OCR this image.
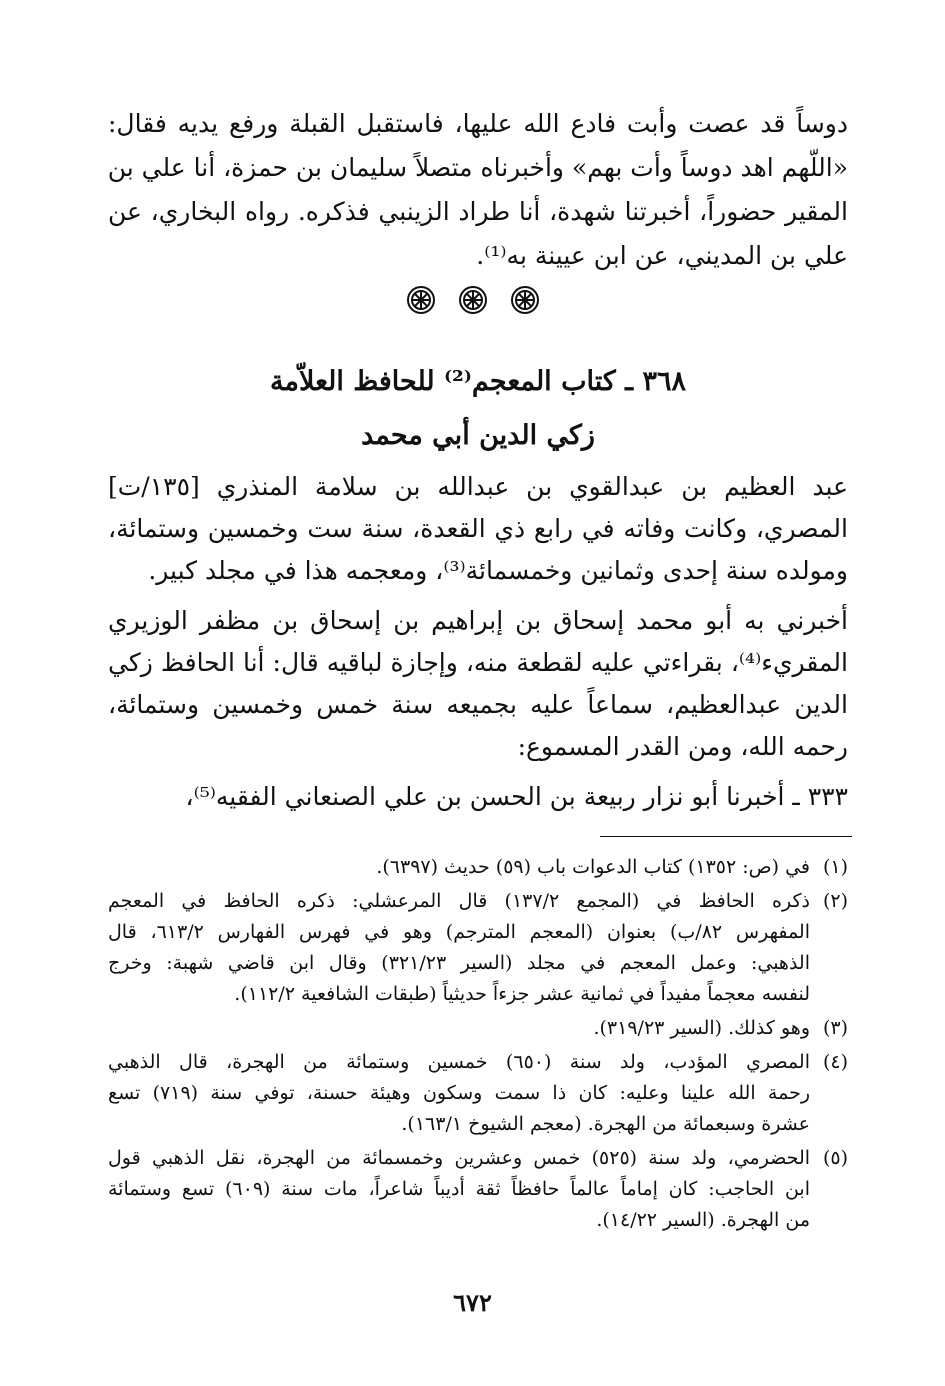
دوساً قد عصت وأبت فادع الله عليها، فاستقبل القبلة ورفع يديه فقال:
«اللّهم اهد دوساً وأت بهم» وأخبرناه متصلاً سليمان بن حمزة، أنا علي بن
المقير حضوراً، أخبرتنا شهدة، أنا طراد الزينبي فذكره. رواه البخاري، عن
علي بن المديني، عن ابن عيينة به⁽¹⁾.
٣٦٨ ـ كتاب المعجم⁽²⁾ للحافظ العلاّمة
زكي الدين أبي محمد
عبد العظيم بن عبدالقوي بن عبدالله بن سلامة المنذري [١٣٥/ت]
المصري، وكانت وفاته في رابع ذي القعدة، سنة ست وخمسين وستمائة،
ومولده سنة إحدى وثمانين وخمسمائة⁽³⁾، ومعجمه هذا في مجلد كبير.
أخبرني به أبو محمد إسحاق بن إبراهيم بن إسحاق بن مظفر الوزيري
المقريء⁽⁴⁾، بقراءتي عليه لقطعة منه، وإجازة لباقيه قال: أنا الحافظ زكي
الدين عبدالعظيم، سماعاً عليه بجميعه سنة خمس وخمسين وستمائة،
رحمه الله، ومن القدر المسموع:
٣٣٣ ـ أخبرنا أبو نزار ربيعة بن الحسن بن علي الصنعاني الفقيه⁽⁵⁾،
(١)
في (ص: ١٣٥٢) كتاب الدعوات باب (٥٩) حديث (٦٣٩٧).
(٢)
ذكره الحافظ في (المجمع ١٣٧/٢) قال المرعشلي: ذكره الحافظ في المعجم
المفهرس ٨٢/ب) بعنوان (المعجم المترجم) وهو في فهرس الفهارس ٦١٣/٢، قال
الذهبي: وعمل المعجم في مجلد (السير ٣٢١/٢٣) وقال ابن قاضي شهبة: وخرج
لنفسه معجماً مفيداً في ثمانية عشر جزءاً حديثياً (طبقات الشافعية ١١٢/٢).
(٣)
وهو كذلك. (السير ٣١٩/٢٣).
(٤)
المصري المؤدب، ولد سنة (٦٥٠) خمسين وستمائة من الهجرة، قال الذهبي
رحمة الله علينا وعليه: كان ذا سمت وسكون وهيئة حسنة، توفي سنة (٧١٩) تسع
عشرة وسبعمائة من الهجرة. (معجم الشيوخ ١٦٣/١).
(٥)
الحضرمي، ولد سنة (٥٢٥) خمس وعشرين وخمسمائة من الهجرة، نقل الذهبي قول
ابن الحاجب: كان إماماً عالماً حافظاً ثقة أديباً شاعراً، مات سنة (٦٠٩) تسع وستمائة
من الهجرة. (السير ١٤/٢٢).
٦٧٢
